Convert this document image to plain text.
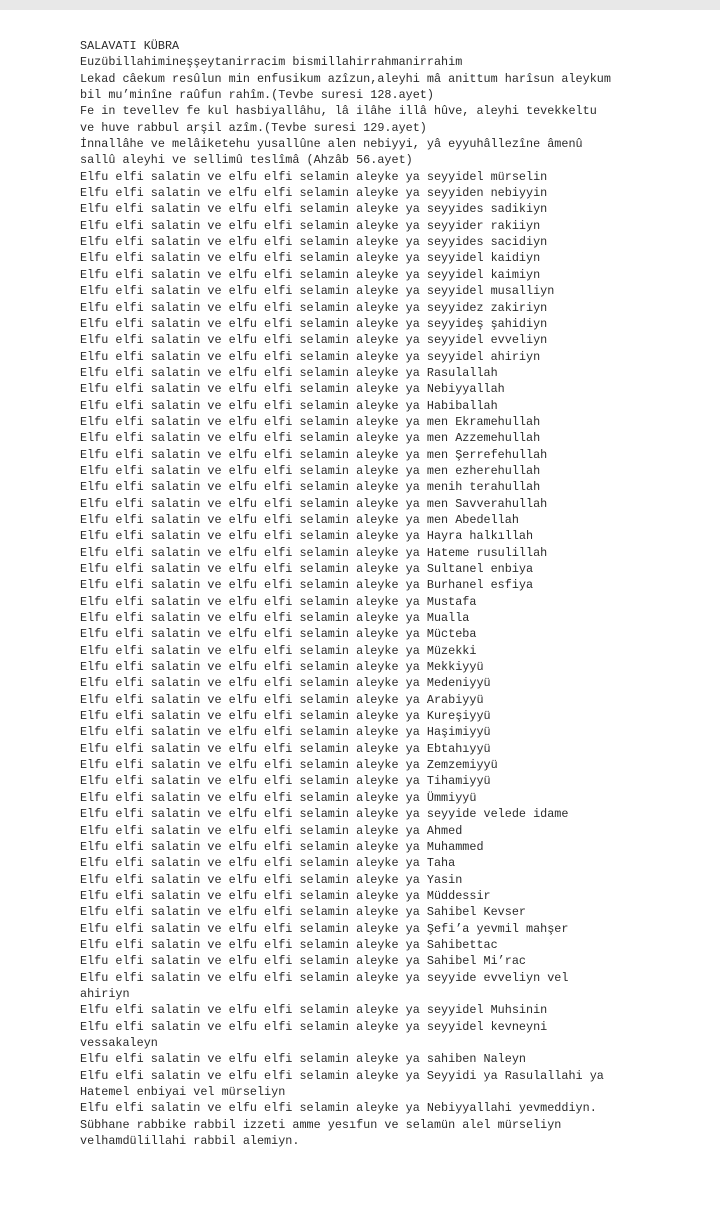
SALAVATI KÜBRA
Euzübillahimineşşeytanirracim bismillahirrahmanirrahim
Lekad câekum resûlun min enfusikum azîzun,aleyhi mâ anittum harîsun aleykum
bil mu’minîne raûfun rahîm.(Tevbe suresi 128.ayet)
Fe in tevellev fe kul hasbiyallâhu, lâ ilâhe illâ hûve, aleyhi tevekkeltu
ve huve rabbul arşil azîm.(Tevbe suresi 129.ayet)
İnnallâhe ve melâiketehu yusallûne alen nebiyyi, yâ eyyuhâllezîne âmenû
sallû aleyhi ve sellimû teslîmâ (Ahzâb 56.ayet)
Elfu elfi salatin ve elfu elfi selamin aleyke ya seyyidel mürselin
Elfu elfi salatin ve elfu elfi selamin aleyke ya seyyiden nebiyyin
Elfu elfi salatin ve elfu elfi selamin aleyke ya seyyides sadikiyn
Elfu elfi salatin ve elfu elfi selamin aleyke ya seyyider rakiiyn
Elfu elfi salatin ve elfu elfi selamin aleyke ya seyyides sacidiyn
Elfu elfi salatin ve elfu elfi selamin aleyke ya seyyidel kaidiyn
Elfu elfi salatin ve elfu elfi selamin aleyke ya seyyidel kaimiyn
Elfu elfi salatin ve elfu elfi selamin aleyke ya seyyidel musalliyn
Elfu elfi salatin ve elfu elfi selamin aleyke ya seyyidez zakiriyn
Elfu elfi salatin ve elfu elfi selamin aleyke ya seyyideş şahidiyn
Elfu elfi salatin ve elfu elfi selamin aleyke ya seyyidel evveliyn
Elfu elfi salatin ve elfu elfi selamin aleyke ya seyyidel ahiriyn
Elfu elfi salatin ve elfu elfi selamin aleyke ya Rasulallah
Elfu elfi salatin ve elfu elfi selamin aleyke ya Nebiyyallah
Elfu elfi salatin ve elfu elfi selamin aleyke ya Habiballah
Elfu elfi salatin ve elfu elfi selamin aleyke ya men Ekramehullah
Elfu elfi salatin ve elfu elfi selamin aleyke ya men Azzemehullah
Elfu elfi salatin ve elfu elfi selamin aleyke ya men Şerrefehullah
Elfu elfi salatin ve elfu elfi selamin aleyke ya men ezherehullah
Elfu elfi salatin ve elfu elfi selamin aleyke ya menih terahullah
Elfu elfi salatin ve elfu elfi selamin aleyke ya men Savverahullah
Elfu elfi salatin ve elfu elfi selamin aleyke ya men Abedellah
Elfu elfi salatin ve elfu elfi selamin aleyke ya Hayra halkıllah
Elfu elfi salatin ve elfu elfi selamin aleyke ya Hateme rusulillah
Elfu elfi salatin ve elfu elfi selamin aleyke ya Sultanel enbiya
Elfu elfi salatin ve elfu elfi selamin aleyke ya Burhanel esfiya
Elfu elfi salatin ve elfu elfi selamin aleyke ya Mustafa
Elfu elfi salatin ve elfu elfi selamin aleyke ya Mualla
Elfu elfi salatin ve elfu elfi selamin aleyke ya Mücteba
Elfu elfi salatin ve elfu elfi selamin aleyke ya Müzekki
Elfu elfi salatin ve elfu elfi selamin aleyke ya Mekkiyyü
Elfu elfi salatin ve elfu elfi selamin aleyke ya Medeniyyü
Elfu elfi salatin ve elfu elfi selamin aleyke ya Arabiyyü
Elfu elfi salatin ve elfu elfi selamin aleyke ya Kureşiyyü
Elfu elfi salatin ve elfu elfi selamin aleyke ya Haşimiyyü
Elfu elfi salatin ve elfu elfi selamin aleyke ya Ebtahıyyü
Elfu elfi salatin ve elfu elfi selamin aleyke ya Zemzemiyyü
Elfu elfi salatin ve elfu elfi selamin aleyke ya Tihamiyyü
Elfu elfi salatin ve elfu elfi selamin aleyke ya Ümmiyyü
Elfu elfi salatin ve elfu elfi selamin aleyke ya seyyide velede idame
Elfu elfi salatin ve elfu elfi selamin aleyke ya Ahmed
Elfu elfi salatin ve elfu elfi selamin aleyke ya Muhammed
Elfu elfi salatin ve elfu elfi selamin aleyke ya Taha
Elfu elfi salatin ve elfu elfi selamin aleyke ya Yasin
Elfu elfi salatin ve elfu elfi selamin aleyke ya Müddessir
Elfu elfi salatin ve elfu elfi selamin aleyke ya Sahibel Kevser
Elfu elfi salatin ve elfu elfi selamin aleyke ya Şefi’a yevmil mahşer
Elfu elfi salatin ve elfu elfi selamin aleyke ya Sahibettac
Elfu elfi salatin ve elfu elfi selamin aleyke ya Sahibel Mi’rac
Elfu elfi salatin ve elfu elfi selamin aleyke ya seyyide evveliyn vel
ahiriyn
Elfu elfi salatin ve elfu elfi selamin aleyke ya seyyidel Muhsinin
Elfu elfi salatin ve elfu elfi selamin aleyke ya seyyidel kevneyni
vessakaleyn
Elfu elfi salatin ve elfu elfi selamin aleyke ya sahiben Naleyn
Elfu elfi salatin ve elfu elfi selamin aleyke ya Seyyidi ya Rasulallahi ya
Hatemel enbiyai vel mürseliyn
Elfu elfi salatin ve elfu elfi selamin aleyke ya Nebiyyallahi yevmeddiyn.
Sübhane rabbike rabbil izzeti amme yesıfun ve selamün alel mürseliyn
velhamdülillahi rabbil alemiyn.
